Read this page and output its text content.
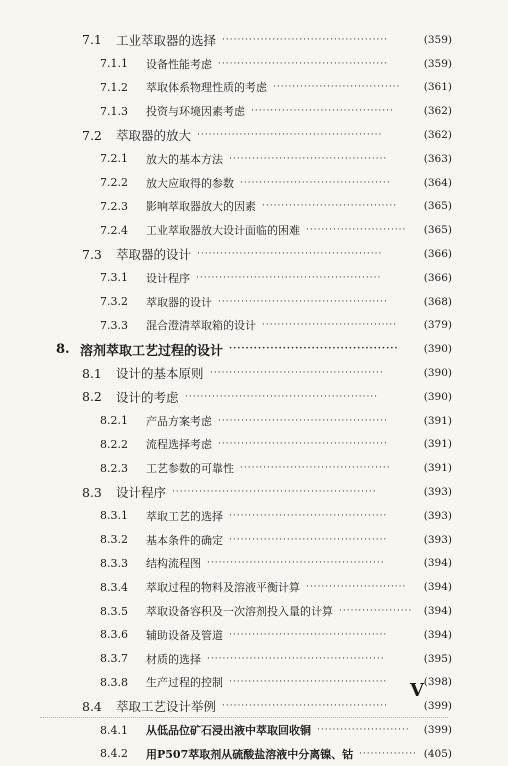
7.1 工业萃取器的选择 ···········································	(359)
7.1.1 设备性能考虑 ············································	(359)
7.1.2 萃取体系物理性质的考虑 ·································	(361)
7.1.3 投资与环境因素考虑 ·····································	(362)
7.2 萃取器的放大 ················································	(362)
7.2.1 放大的基本方法 ·········································	(363)
7.2.2 放大应取得的参数 ·······································	(364)
7.2.3 影响萃取器放大的因素 ···································	(365)
7.2.4 工业萃取器放大设计面临的困难 ··························	(365)
7.3 萃取器的设计 ················································	(366)
7.3.1 设计程序 ················································	(366)
7.3.2 萃取器的设计 ············································	(368)
7.3.3 混合澄清萃取箱的设计 ···································	(379)
8. 溶剂萃取工艺过程的设计 ·········································	(390)
8.1 设计的基本原则 ·············································	(390)
8.2 设计的考虑 ··················································	(390)
8.2.1 产品方案考虑 ············································	(391)
8.2.2 流程选择考虑 ············································	(391)
8.2.3 工艺参数的可靠性 ·······································	(391)
8.3 设计程序 ·····················································	(393)
8.3.1 萃取工艺的选择 ·········································	(393)
8.3.2 基本条件的确定 ·········································	(393)
8.3.3 结构流程图 ··············································	(394)
8.3.4 萃取过程的物料及溶液平衡计算 ··························	(394)
8.3.5 萃取设备容积及一次溶剂投入量的计算 ···················	(394)
8.3.6 辅助设备及管道 ·········································	(394)
8.3.7 材质的选择 ··············································	(395)
8.3.8 生产过程的控制 ·········································	(398)
8.4 萃取工艺设计举例 ···········································	(399)
8.4.1 从低品位矿石浸出液中萃取回收铜 ························	(399)
8.4.2 用P507萃取剂从硫酸盐溶液中分离镍、钴 ··············· (405)
V
